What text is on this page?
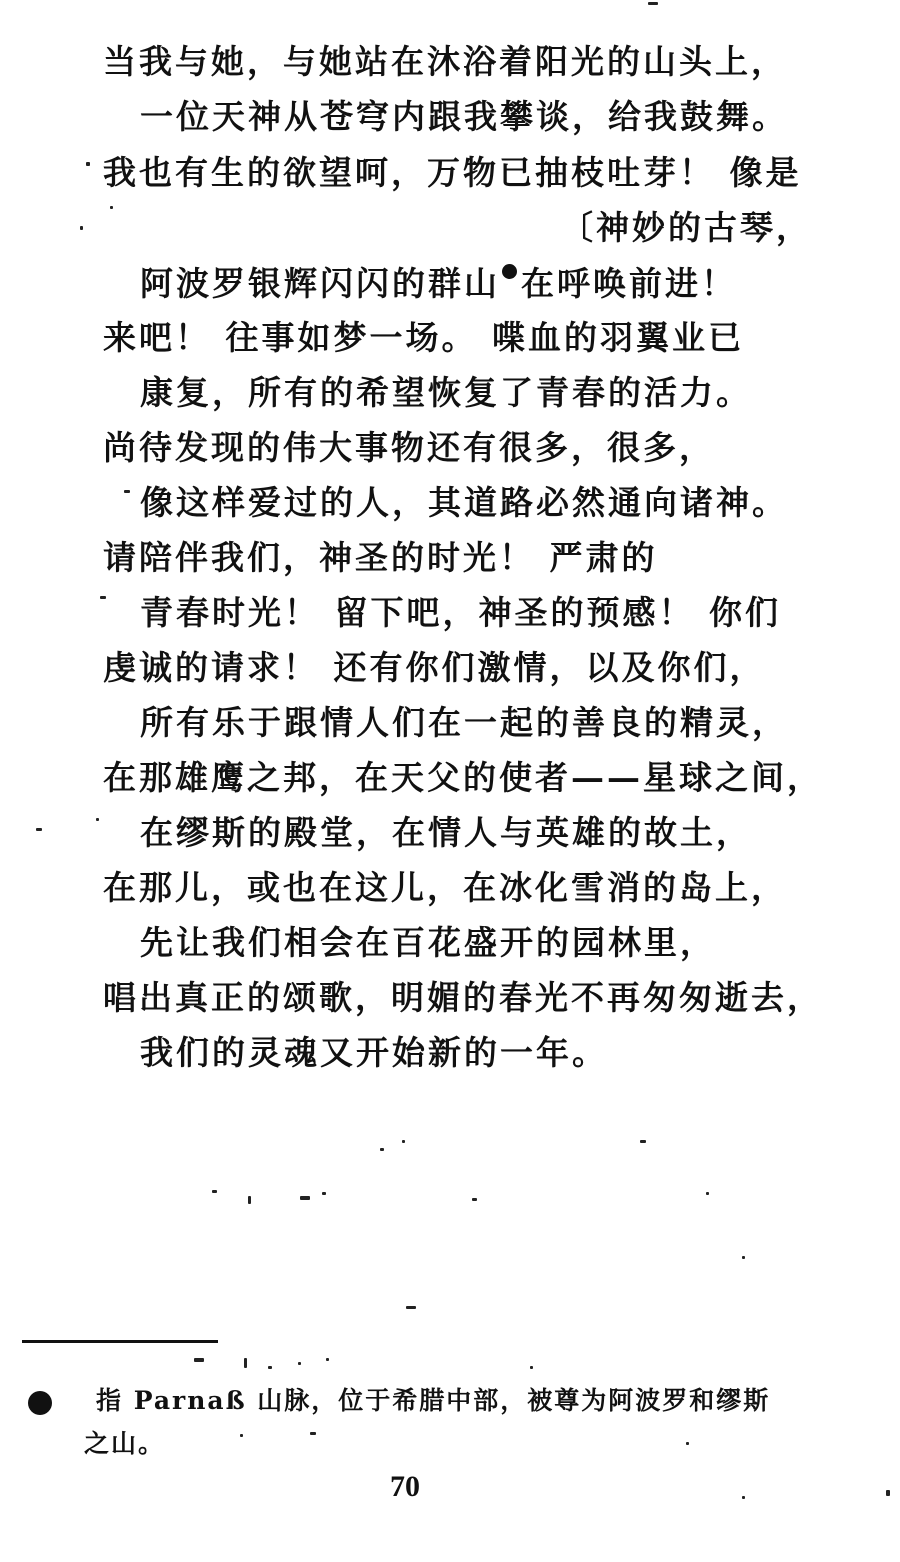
当我与她，与她站在沐浴着阳光的山头上，
一位天神从苍穹内跟我攀谈，给我鼓舞。
我也有生的欲望呵，万物已抽枝吐芽！ 像是
〔神妙的古琴，
阿波罗银辉闪闪的群山 在呼唤前进！
来吧！ 往事如梦一场。 喋血的羽翼业已
康复，所有的希望恢复了青春的活力。
尚待发现的伟大事物还有很多，很多，
像这样爱过的人，其道路必然通向诸神。
请陪伴我们，神圣的时光！ 严肃的
青春时光！ 留下吧，神圣的预感！ 你们
虔诚的请求！ 还有你们激情，以及你们，
所有乐于跟情人们在一起的善良的精灵，
在那雄鹰之邦，在天父的使者——星球之间，
在缪斯的殿堂，在情人与英雄的故土，
在那儿，或也在这儿，在冰化雪消的岛上，
先让我们相会在百花盛开的园林里，
唱出真正的颂歌，明媚的春光不再匆匆逝去，
我们的灵魂又开始新的一年。
指 Parnaß 山脉，位于希腊中部，被尊为阿波罗和缪斯
之山。
70
